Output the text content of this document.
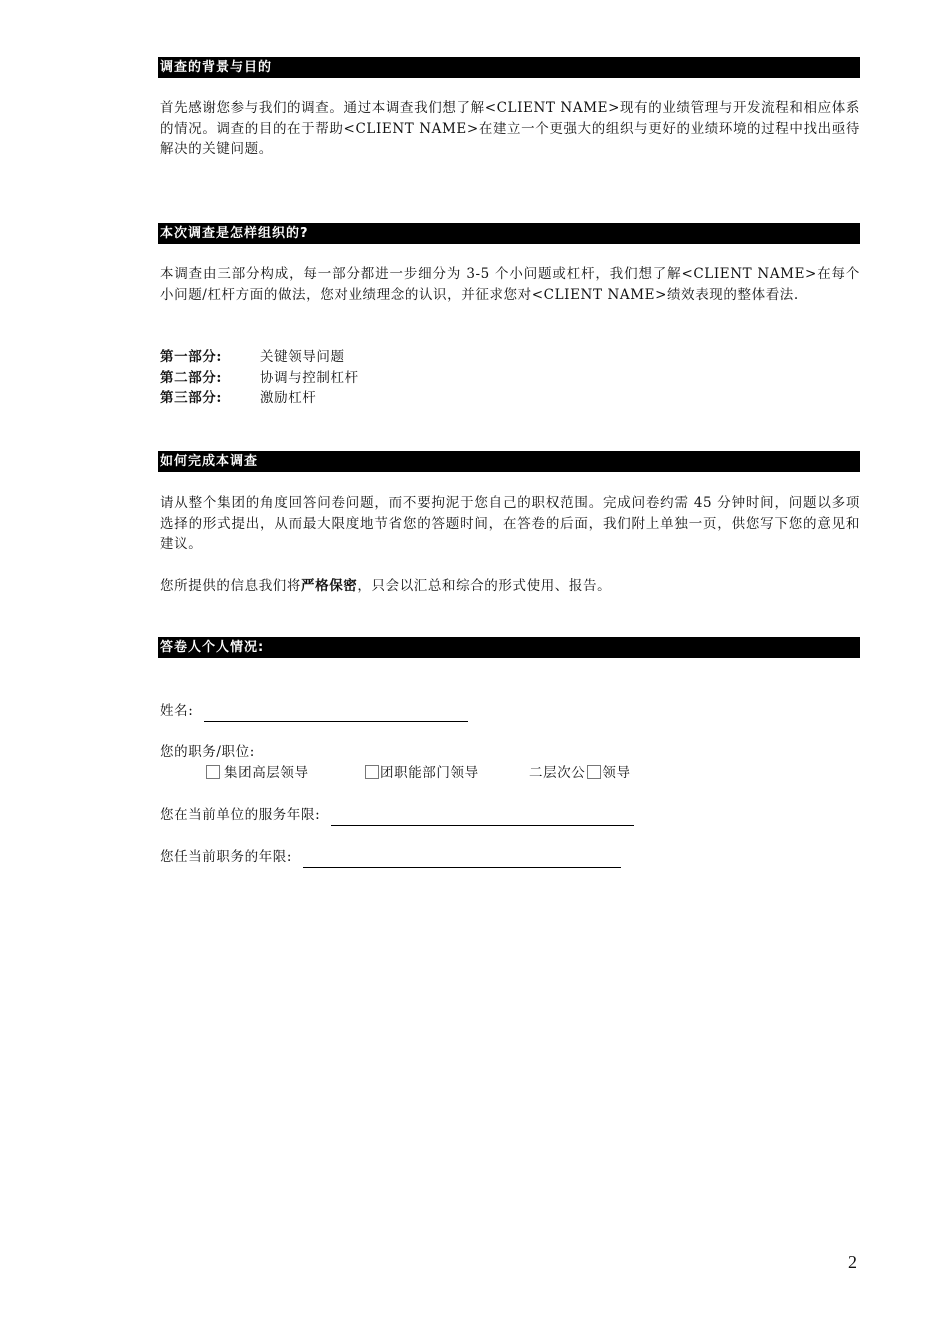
调查的背景与目的

首先感谢您参与我们的调查。通过本调查我们想了解<CLIENT NAME>现有的业绩管理与开发流程和相应体系的情况。调查的目的在于帮助<CLIENT NAME>在建立一个更强大的组织与更好的业绩环境的过程中找出亟待解决的关键问题。

本次调查是怎样组织的?

本调查由三部分构成，每一部分都进一步细分为 3-5 个小问题或杠杆，我们想了解<CLIENT NAME>在每个小问题/杠杆方面的做法，您对业绩理念的认识，并征求您对<CLIENT NAME>绩效表现的整体看法.

第一部分:	关键领导问题
第二部分:	协调与控制杠杆
第三部分:	激励杠杆
如何完成本调查

请从整个集团的角度回答问卷问题，而不要拘泥于您自己的职权范围。完成问卷约需 45 分钟时间，问题以多项选择的形式提出，从而最大限度地节省您的答题时间，在答卷的后面，我们附上单独一页，供您写下您的意见和建议。

您所提供的信息我们将严格保密，只会以汇总和综合的形式使用、报告。

答卷人个人情况:
姓名:
您的职务/职位:
集团高层领导	团职能部门领导	二层次公 领导
您在当前单位的服务年限:
您任当前职务的年限:
2
